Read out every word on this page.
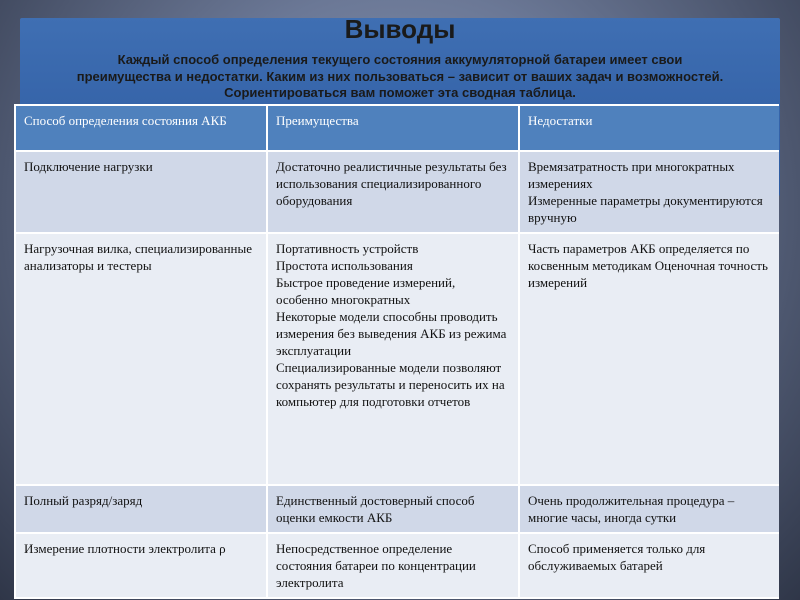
Выводы
Каждый способ определения текущего состояния аккумуляторной батареи имеет свои преимущества и недостатки. Каким из них пользоваться – зависит от ваших задач и возможностей. Сориентироваться вам поможет эта сводная таблица.
Способ определения состояния АКБ	Преимущества	Недостатки
Подключение нагрузки	Достаточно реалистичные результаты без использования специализированного оборудования	Времязатратность при многократных измерениях
Измеренные параметры документируются вручную

Нагрузочная вилка, специализированные анализаторы и тестеры	Портативность устройств
Простота использования
Быстрое проведение измерений, особенно многократных
Некоторые модели способны проводить измерения без выведения АКБ из режима эксплуатации
Специализированные модели позволяют сохранять результаты и переносить их на компьютер для подготовки отчетов	Часть параметров АКБ определяется по косвенным методикам Оценочная точность измерений

Полный разряд/заряд	Единственный достоверный способ оценки емкости АКБ	Очень продолжительная процедура – многие часы, иногда сутки

Измерение плотности электролита ρ	Непосредственное определение состояния батареи по концентрации электролита	Способ применяется только для обслуживаемых батарей
